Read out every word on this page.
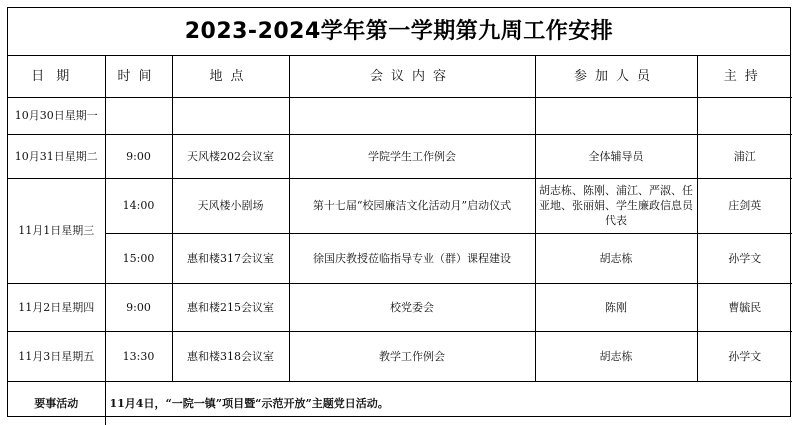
2023-2024学年第一学期第九周工作安排
日期	时间	地点	会议内容	参加人员	主持
10月30日星期一					
10月31日星期二	9:00	天风楼202会议室	学院学生工作例会	全体辅导员	浦江
11月1日星期三	14:00	天风楼小剧场	第十七届“校园廉洁文化活动月”启动仪式	胡志栋、陈刚、浦江、严淑、任亚地、张丽娟、学生廉政信息员代表	庄剑英
	15:00	惠和楼317会议室	徐国庆教授莅临指导专业（群）课程建设	胡志栋	孙学文
11月2日星期四	9:00	惠和楼215会议室	校党委会	陈刚	曹毓民
11月3日星期五	13:30	惠和楼318会议室	教学工作例会	胡志栋	孙学文
要事活动	11月4日，“一院一镇”项目暨“示范开放”主题党日活动。				
